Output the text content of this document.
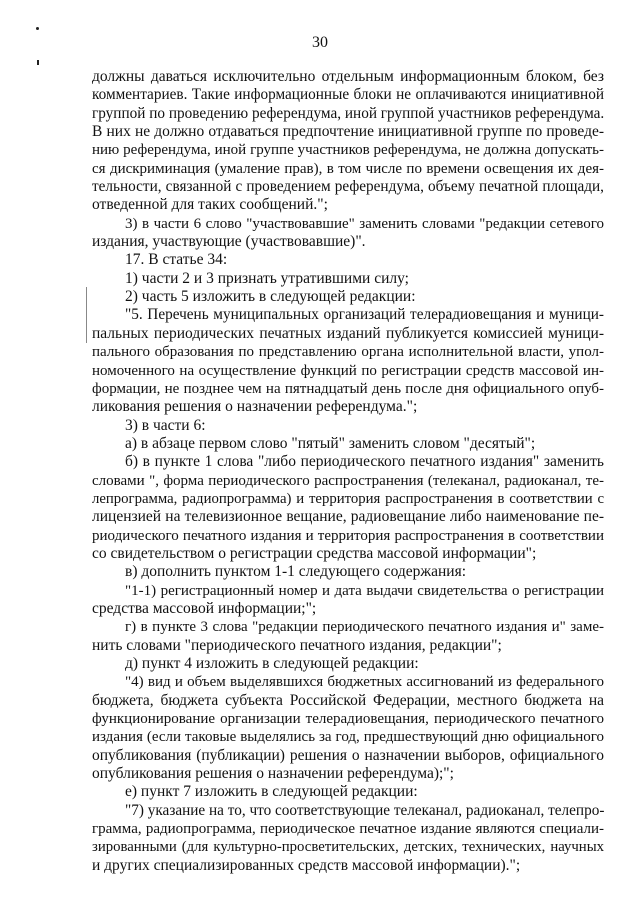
30
должны даваться исключительно отдельным информационным блоком, без
комментариев. Такие информационные блоки не оплачиваются инициативной
группой по проведению референдума, иной группой участников референдума.
В них не должно отдаваться предпочтение инициативной группе по проведе-
нию референдума, иной группе участников референдума, не должна допускать-
ся дискриминация (умаление прав), в том числе по времени освещения их дея-
тельности, связанной с проведением референдума, объему печатной площади,
отведенной для таких сообщений.";
3) в части 6 слово "участвовавшие" заменить словами "редакции сетевого
издания, участвующие (участвовавшие)".
17. В статье 34:
1) части 2 и 3 признать утратившими силу;
2) часть 5 изложить в следующей редакции:
"5. Перечень муниципальных организаций телерадиовещания и муници-
пальных периодических печатных изданий публикуется комиссией муници-
пального образования по представлению органа исполнительной власти, упол-
номоченного на осуществление функций по регистрации средств массовой ин-
формации, не позднее чем на пятнадцатый день после дня официального опуб-
ликования решения о назначении референдума.";
3) в части 6:
а) в абзаце первом слово "пятый" заменить словом "десятый";
б) в пункте 1 слова "либо периодического печатного издания" заменить
словами ", форма периодического распространения (телеканал, радиоканал, те-
лепрограмма, радиопрограмма) и территория распространения в соответствии с
лицензией на телевизионное вещание, радиовещание либо наименование пе-
риодического печатного издания и территория распространения в соответствии
со свидетельством о регистрации средства массовой информации";
в) дополнить пунктом 1-1 следующего содержания:
"1-1) регистрационный номер и дата выдачи свидетельства о регистрации
средства массовой информации;";
г) в пункте 3 слова "редакции периодического печатного издания и" заме-
нить словами "периодического печатного издания, редакции";
д) пункт 4 изложить в следующей редакции:
"4) вид и объем выделявшихся бюджетных ассигнований из федерального
бюджета, бюджета субъекта Российской Федерации, местного бюджета на
функционирование организации телерадиовещания, периодического печатного
издания (если таковые выделялись за год, предшествующий дню официального
опубликования (публикации) решения о назначении выборов, официального
опубликования решения о назначении референдума);";
е) пункт 7 изложить в следующей редакции:
"7) указание на то, что соответствующие телеканал, радиоканал, телепро-
грамма, радиопрограмма, периодическое печатное издание являются специали-
зированными (для культурно-просветительских, детских, технических, научных
и других специализированных средств массовой информации).";
